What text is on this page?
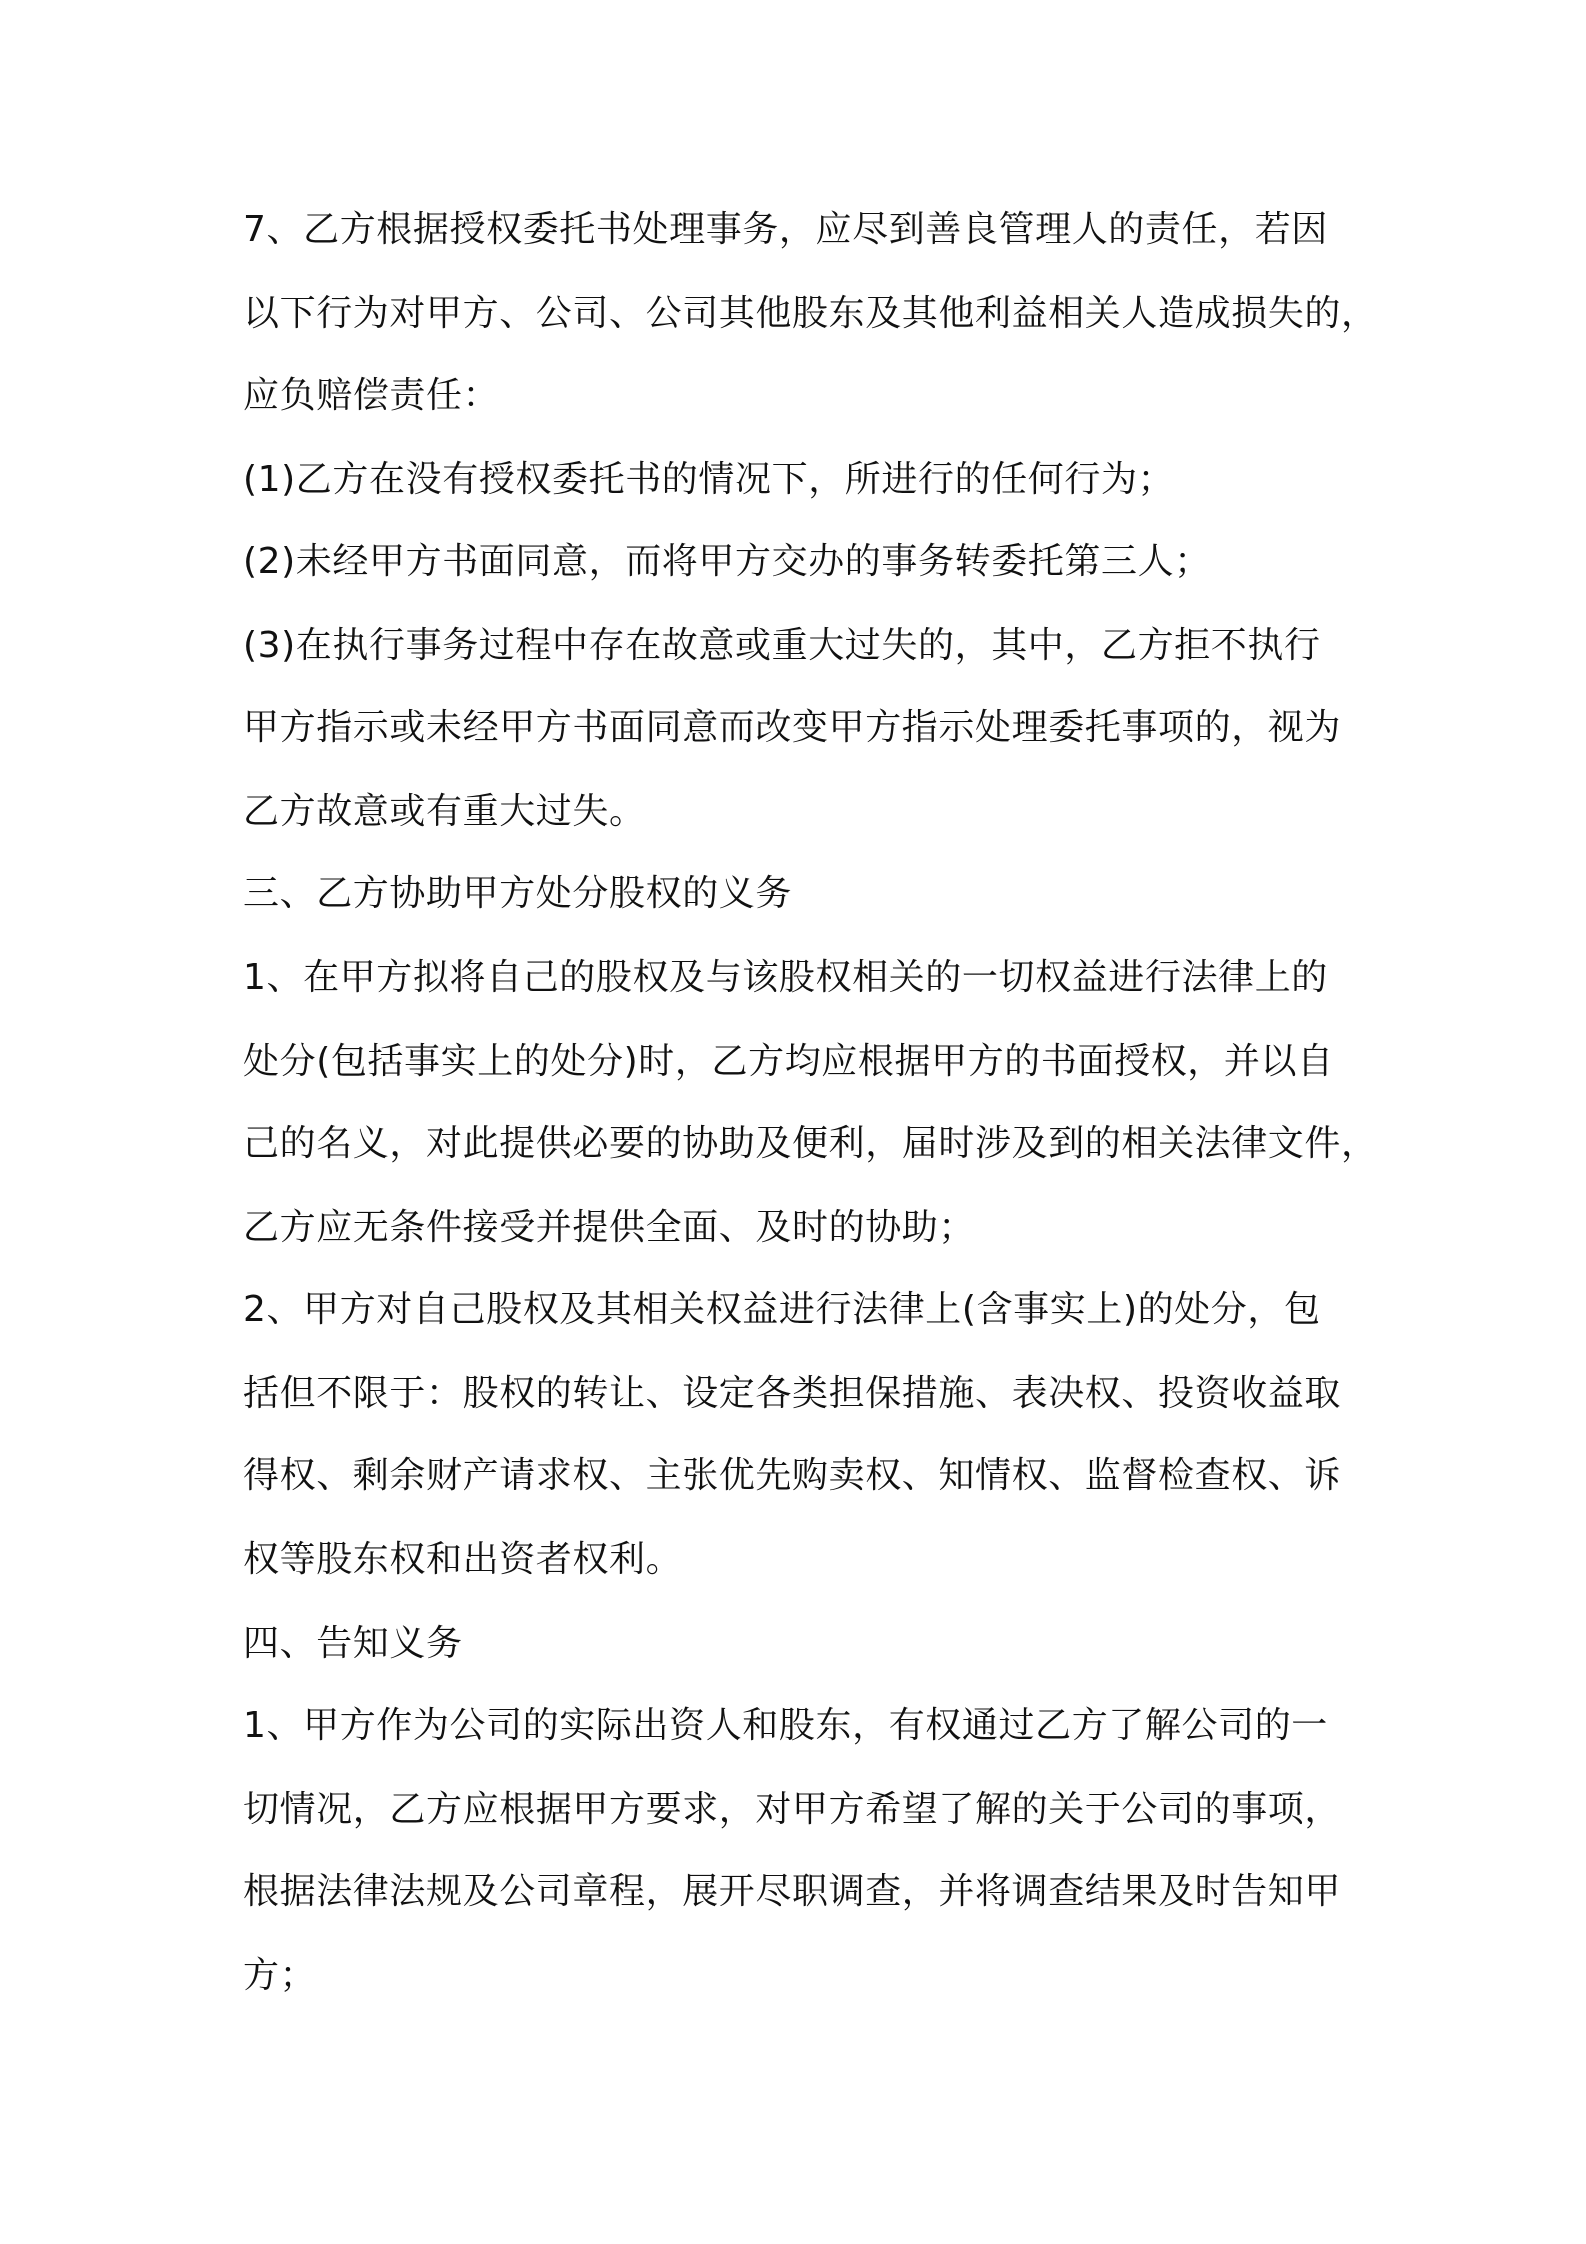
7、乙方根据授权委托书处理事务，应尽到善良管理人的责任，若因

以下行为对甲方、公司、公司其他股东及其他利益相关人造成损失的，

应负赔偿责任：

(1)乙方在没有授权委托书的情况下，所进行的任何行为；

(2)未经甲方书面同意，而将甲方交办的事务转委托第三人；

(3)在执行事务过程中存在故意或重大过失的，其中，乙方拒不执行

甲方指示或未经甲方书面同意而改变甲方指示处理委托事项的，视为

乙方故意或有重大过失。

三、乙方协助甲方处分股权的义务

1、在甲方拟将自己的股权及与该股权相关的一切权益进行法律上的

处分(包括事实上的处分)时，乙方均应根据甲方的书面授权，并以自

己的名义，对此提供必要的协助及便利，届时涉及到的相关法律文件，

乙方应无条件接受并提供全面、及时的协助；

2、甲方对自己股权及其相关权益进行法律上(含事实上)的处分，包

括但不限于：股权的转让、设定各类担保措施、表决权、投资收益取

得权、剩余财产请求权、主张优先购卖权、知情权、监督检查权、诉

权等股东权和出资者权利。

四、告知义务

1、甲方作为公司的实际出资人和股东，有权通过乙方了解公司的一

切情况，乙方应根据甲方要求，对甲方希望了解的关于公司的事项，

根据法律法规及公司章程，展开尽职调查，并将调查结果及时告知甲

方；
